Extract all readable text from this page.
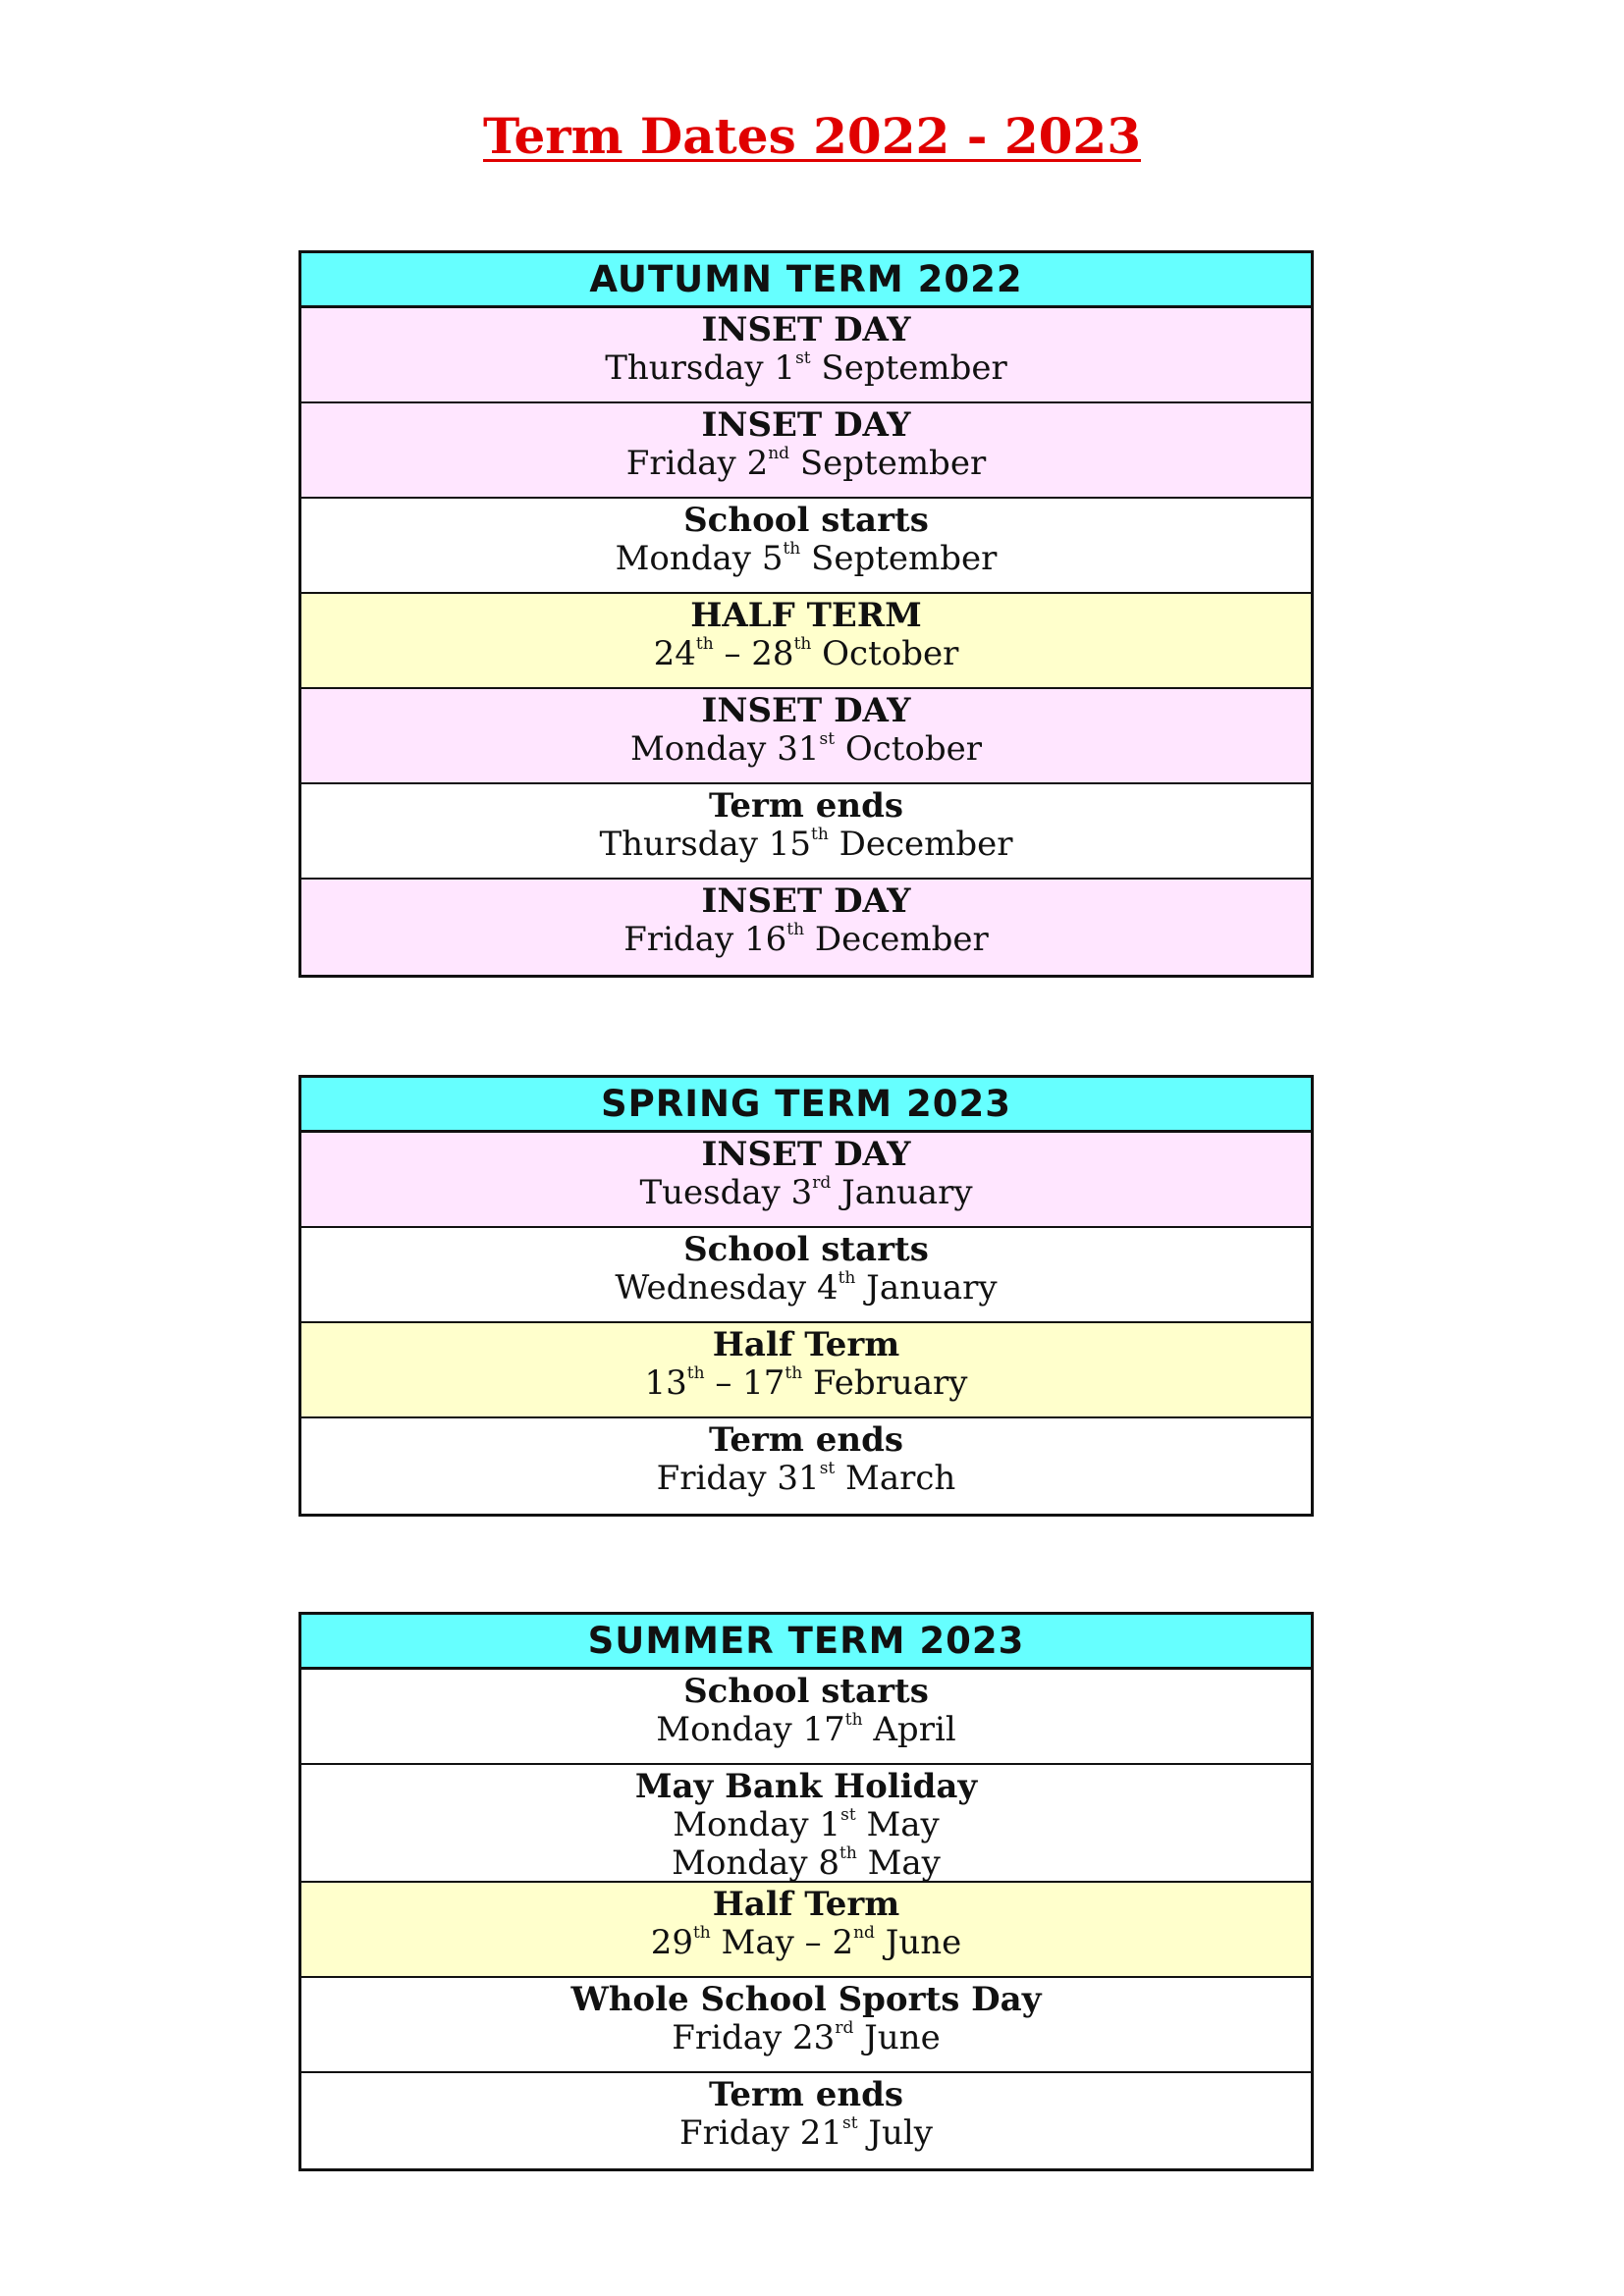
Term Dates 2022 - 2023
AUTUMN TERM 2022
INSET DAY
Thursday 1st September
INSET DAY
Friday 2nd September
School starts
Monday 5th September
HALF TERM
24th – 28th October
INSET DAY
Monday 31st October
Term ends
Thursday 15th December
INSET DAY
Friday 16th December
SPRING TERM 2023
INSET DAY
Tuesday 3rd January
School starts
Wednesday 4th January
Half Term
13th – 17th February
Term ends
Friday 31st March
SUMMER TERM 2023
School starts
Monday 17th April
May Bank Holiday
Monday 1st May
Monday 8th May
Half Term
29th May – 2nd June
Whole School Sports Day
Friday 23rd June
Term ends
Friday 21st July
